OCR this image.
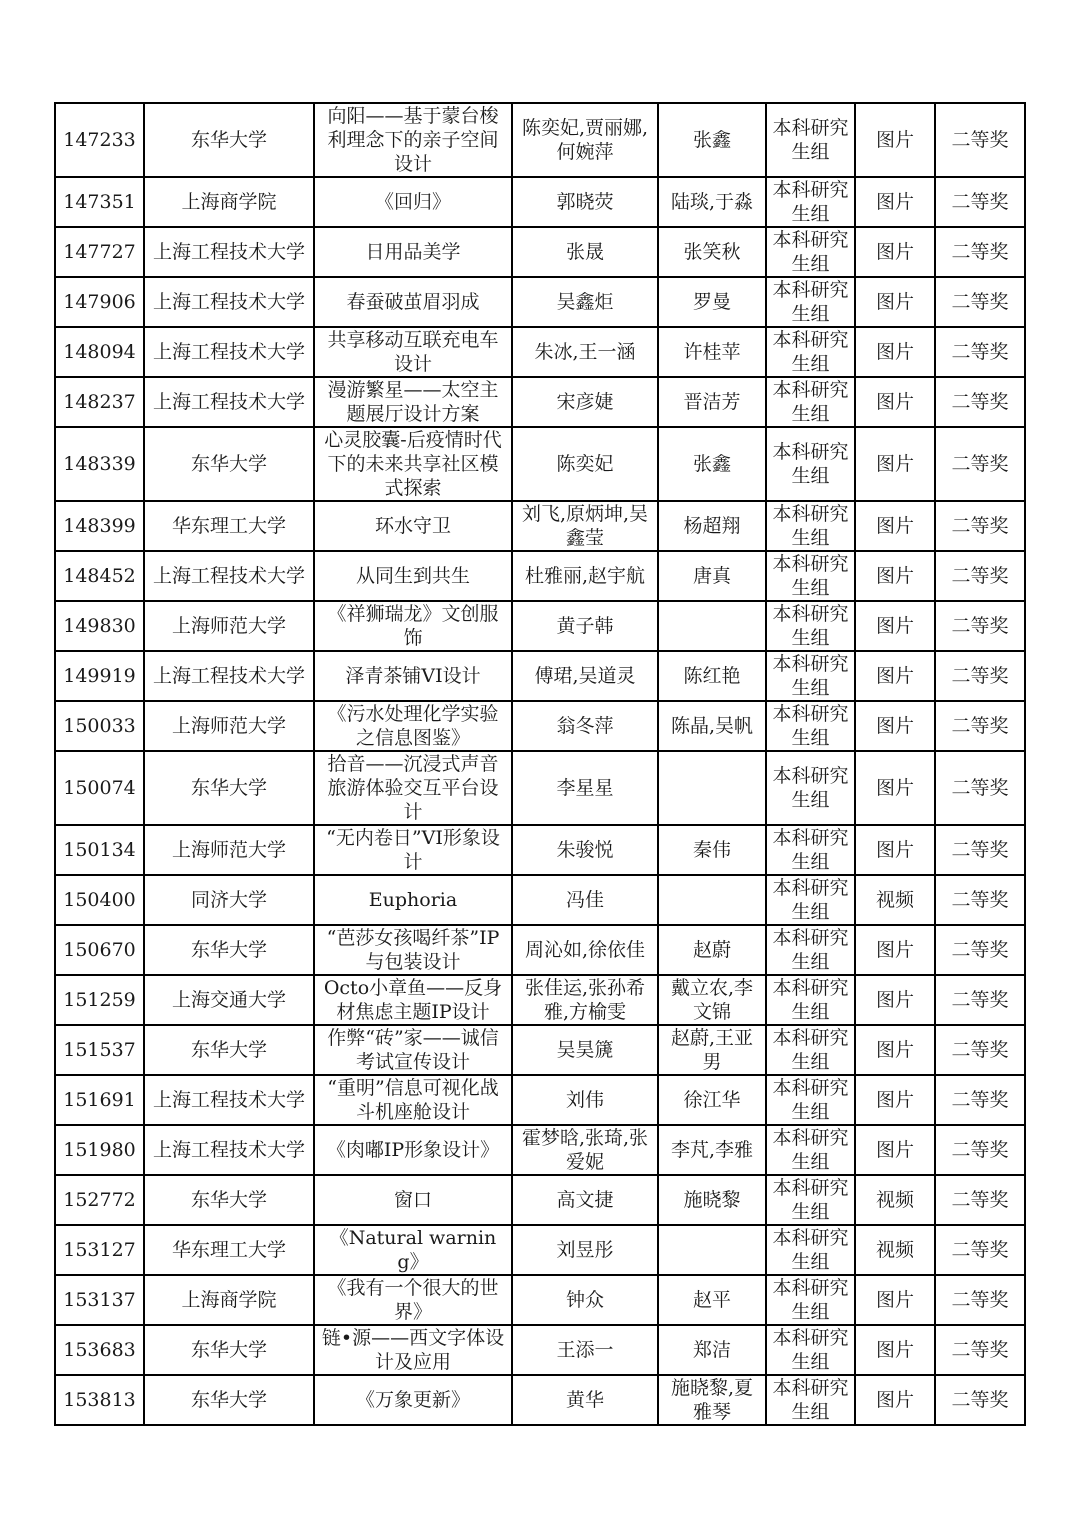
147233	东华大学	向阳——基于蒙台梭利理念下的亲子空间设计	陈奕妃,贾丽娜,何婉萍	张鑫	本科研究生组	图片	二等奖
147351	上海商学院	《回归》	郭晓荧	陆琰,于淼	本科研究生组	图片	二等奖
147727	上海工程技术大学	日用品美学	张晟	张笑秋	本科研究生组	图片	二等奖
147906	上海工程技术大学	春蚕破茧眉羽成	吴鑫炬	罗曼	本科研究生组	图片	二等奖
148094	上海工程技术大学	共享移动互联充电车设计	朱冰,王一涵	许桂苹	本科研究生组	图片	二等奖
148237	上海工程技术大学	漫游繁星——太空主题展厅设计方案	宋彦婕	晋洁芳	本科研究生组	图片	二等奖
148339	东华大学	心灵胶囊-后疫情时代下的未来共享社区模式探索	陈奕妃	张鑫	本科研究生组	图片	二等奖
148399	华东理工大学	环水守卫	刘飞,原炳坤,吴鑫莹	杨超翔	本科研究生组	图片	二等奖
148452	上海工程技术大学	从同生到共生	杜雅丽,赵宇航	唐真	本科研究生组	图片	二等奖
149830	上海师范大学	《祥狮瑞龙》文创服饰	黄子韩		本科研究生组	图片	二等奖
149919	上海工程技术大学	泽青茶铺VI设计	傅珺,吴道灵	陈红艳	本科研究生组	图片	二等奖
150033	上海师范大学	《污水处理化学实验之信息图鉴》	翁冬萍	陈晶,吴帆	本科研究生组	图片	二等奖
150074	东华大学	拾音——沉浸式声音旅游体验交互平台设计	李星星		本科研究生组	图片	二等奖
150134	上海师范大学	“无内卷日”VI形象设计	朱骏悦	秦伟	本科研究生组	图片	二等奖
150400	同济大学	Euphoria	冯佳		本科研究生组	视频	二等奖
150670	东华大学	“芭莎女孩喝纤茶”IP与包装设计	周沁如,徐依佳	赵蔚	本科研究生组	图片	二等奖
151259	上海交通大学	Octo小章鱼——反身材焦虑主题IP设计	张佳运,张孙希雅,方榆雯	戴立农,李文锦	本科研究生组	图片	二等奖
151537	东华大学	作弊“砖”家——诚信考试宣传设计	吴昊篪	赵蔚,王亚男	本科研究生组	图片	二等奖
151691	上海工程技术大学	“重明”信息可视化战斗机座舱设计	刘伟	徐江华	本科研究生组	图片	二等奖
151980	上海工程技术大学	《肉嘟IP形象设计》	霍梦晗,张琦,张爱妮	李芃,李雅	本科研究生组	图片	二等奖
152772	东华大学	窗口	高文捷	施晓黎	本科研究生组	视频	二等奖
153127	华东理工大学	《Natural warning》	刘昱彤		本科研究生组	视频	二等奖
153137	上海商学院	《我有一个很大的世界》	钟众	赵平	本科研究生组	图片	二等奖
153683	东华大学	链•源——西文字体设计及应用	王添一	郑洁	本科研究生组	图片	二等奖
153813	东华大学	《万象更新》	黄华	施晓黎,夏雅琴	本科研究生组	图片	二等奖
